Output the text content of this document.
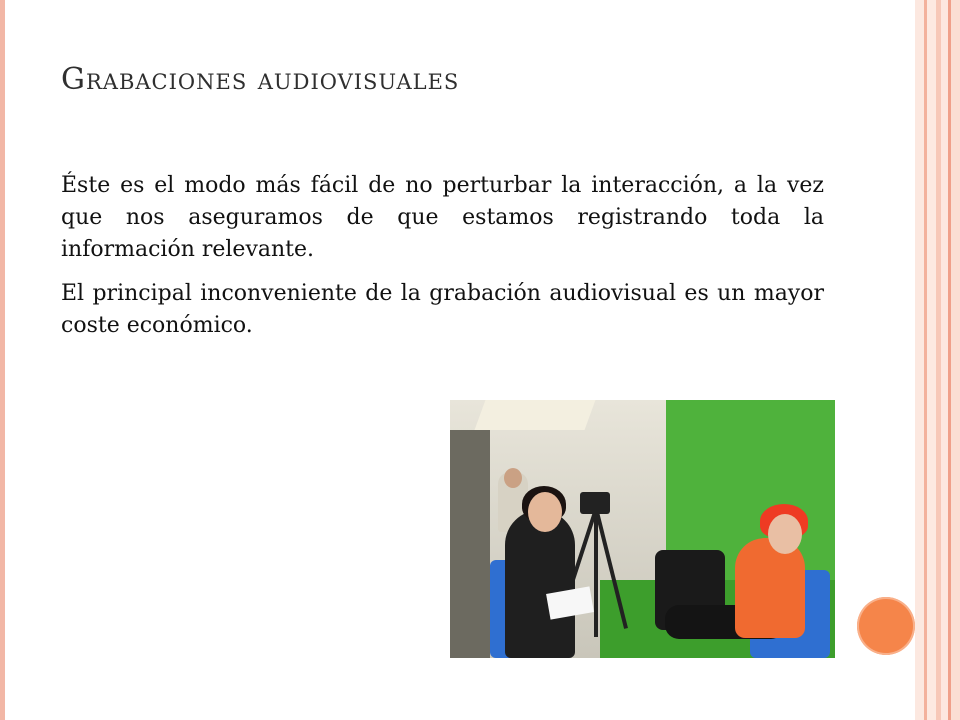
Grabaciones audiovisuales

Éste es el modo más fácil de no perturbar la interacción, a la vez que nos aseguramos de que estamos registrando toda la información relevante.

El principal inconveniente de la grabación audiovisual es un mayor coste económico.
